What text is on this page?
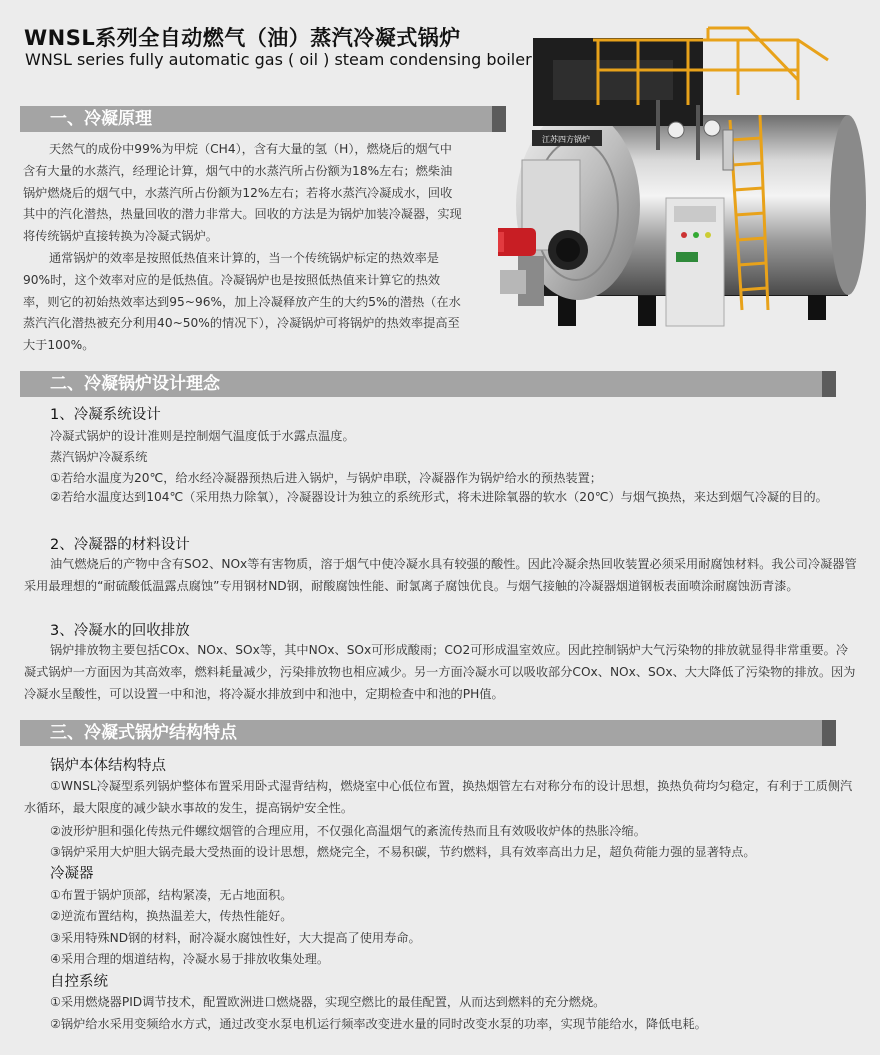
WNSL系列全自动燃气（油）蒸汽冷凝式锅炉
WNSL series fully automatic gas ( oil ) steam condensing boiler
江苏四方锅炉
一、冷凝原理

天然气的成份中99%为甲烷（CH4），含有大量的氢（H），燃烧后的烟气中含有大量的水蒸汽，经理论计算，烟气中的水蒸汽所占份额为18%左右；燃柴油锅炉燃烧后的烟气中，水蒸汽所占份额为12%左右；若将水蒸汽冷凝成水，回收其中的汽化潜热，热量回收的潜力非常大。回收的方法是为锅炉加装冷凝器，实现将传统锅炉直接转换为冷凝式锅炉。

通常锅炉的效率是按照低热值来计算的，当一个传统锅炉标定的热效率是90%时，这个效率对应的是低热值。冷凝锅炉也是按照低热值来计算它的热效率，则它的初始热效率达到95~96%，加上冷凝释放产生的大约5%的潜热（在水蒸汽汽化潜热被充分利用40~50%的情况下），冷凝锅炉可将锅炉的热效率提高至大于100%。

二、冷凝锅炉设计理念
1、冷凝系统设计
冷凝式锅炉的设计准则是控制烟气温度低于水露点温度。
蒸汽锅炉冷凝系统
①若给水温度为20℃，给水经冷凝器预热后进入锅炉，与锅炉串联，冷凝器作为锅炉给水的预热装置；

②若给水温度达到104℃（采用热力除氧），冷凝器设计为独立的系统形式，将未进除氧器的软水（20℃）与烟气换热，来达到烟气冷凝的目的。

2、冷凝器的材料设计

油气燃烧后的产物中含有SO2、NOx等有害物质，溶于烟气中使冷凝水具有较强的酸性。因此冷凝余热回收装置必须采用耐腐蚀材料。我公司冷凝器管采用最理想的“耐硫酸低温露点腐蚀”专用钢材ND钢，耐酸腐蚀性能、耐氯离子腐蚀优良。与烟气接触的冷凝器烟道钢板表面喷涂耐腐蚀沥青漆。

3、冷凝水的回收排放

锅炉排放物主要包括COx、NOx、SOx等，其中NOx、SOx可形成酸雨；CO2可形成温室效应。因此控制锅炉大气污染物的排放就显得非常重要。冷凝式锅炉一方面因为其高效率，燃料耗量减少，污染排放物也相应减少。另一方面冷凝水可以吸收部分COx、NOx、SOx、大大降低了污染物的排放。因为冷凝水呈酸性，可以设置一中和池，将冷凝水排放到中和池中，定期检查中和池的PH值。

三、冷凝式锅炉结构特点
锅炉本体结构特点

①WNSL冷凝型系列锅炉整体布置采用卧式湿背结构，燃烧室中心低位布置，换热烟管左右对称分布的设计思想，换热负荷均匀稳定，有利于工质侧汽水循环，最大限度的减少缺水事故的发生，提高锅炉安全性。

②波形炉胆和强化传热元件螺纹烟管的合理应用，不仅强化高温烟气的紊流传热而且有效吸收炉体的热胀冷缩。
③锅炉采用大炉胆大锅壳最大受热面的设计思想，燃烧完全，不易积碳，节约燃料，具有效率高出力足，超负荷能力强的显著特点。
冷凝器
①布置于锅炉顶部，结构紧凑，无占地面积。
②逆流布置结构，换热温差大，传热性能好。
③采用特殊ND钢的材料，耐冷凝水腐蚀性好，大大提高了使用寿命。
④采用合理的烟道结构，冷凝水易于排放收集处理。
自控系统
①采用燃烧器PID调节技术，配置欧洲进口燃烧器，实现空燃比的最佳配置，从而达到燃料的充分燃烧。
②锅炉给水采用变频给水方式，通过改变水泵电机运行频率改变进水量的同时改变水泵的功率，实现节能给水，降低电耗。
